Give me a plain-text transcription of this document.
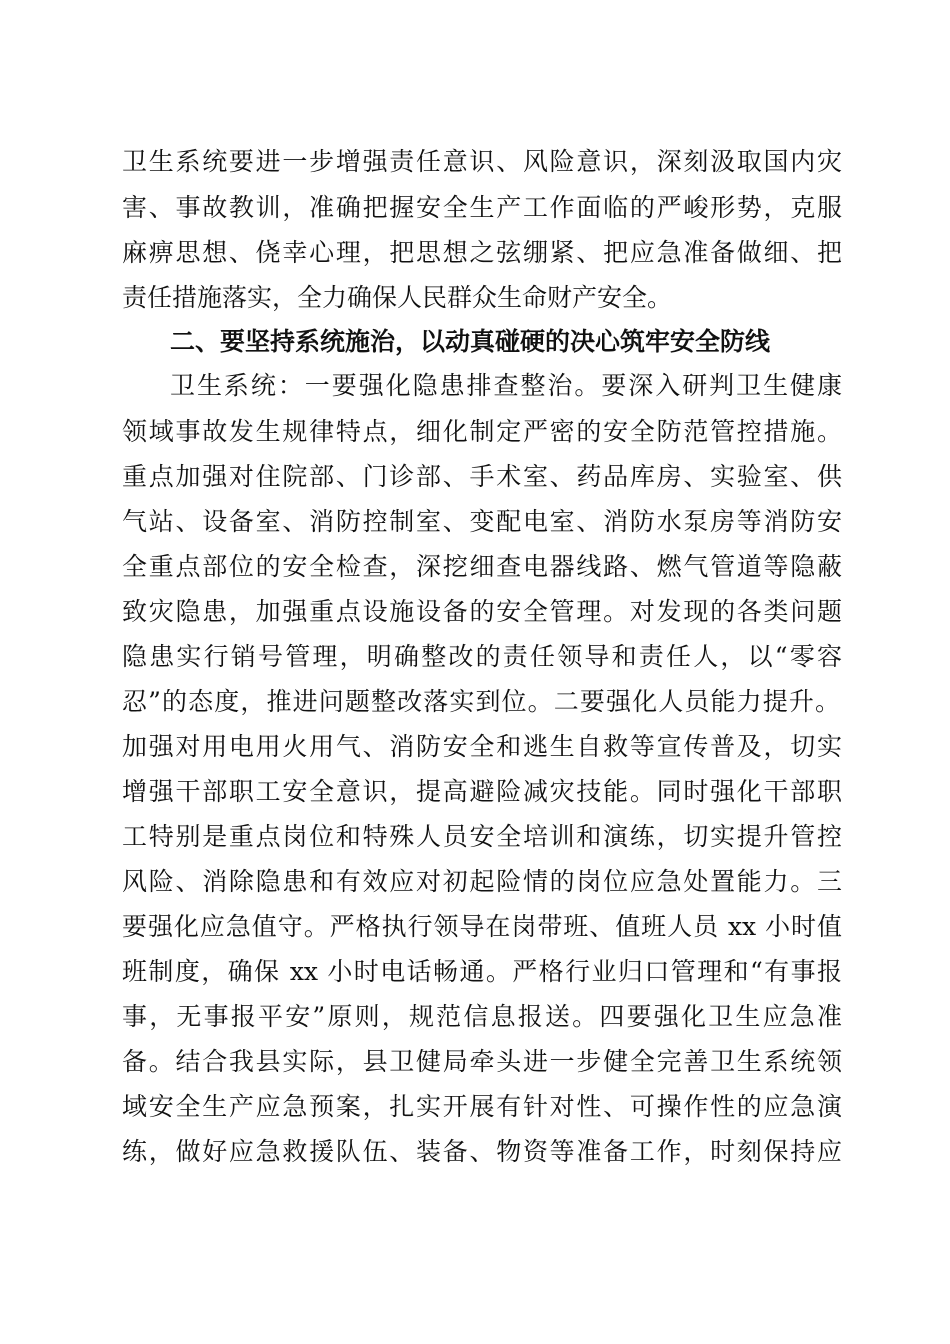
卫生系统要进一步增强责任意识、风险意识，深刻汲取国内灾
害、事故教训，准确把握安全生产工作面临的严峻形势，克服
麻痹思想、侥幸心理，把思想之弦绷紧、把应急准备做细、把
责任措施落实，全力确保人民群众生命财产安全。
二、要坚持系统施治，以动真碰硬的决心筑牢安全防线
卫生系统：一要强化隐患排查整治。要深入研判卫生健康
领域事故发生规律特点，细化制定严密的安全防范管控措施。
重点加强对住院部、门诊部、手术室、药品库房、实验室、供
气站、设备室、消防控制室、变配电室、消防水泵房等消防安
全重点部位的安全检查，深挖细查电器线路、燃气管道等隐蔽
致灾隐患，加强重点设施设备的安全管理。对发现的各类问题
隐患实行销号管理，明确整改的责任领导和责任人，以“零容
忍”的态度，推进问题整改落实到位。二要强化人员能力提升。
加强对用电用火用气、消防安全和逃生自救等宣传普及，切实
增强干部职工安全意识，提高避险减灾技能。同时强化干部职
工特别是重点岗位和特殊人员安全培训和演练，切实提升管控
风险、消除隐患和有效应对初起险情的岗位应急处置能力。三
要强化应急值守。严格执行领导在岗带班、值班人员 xx 小时值
班制度，确保 xx 小时电话畅通。严格行业归口管理和“有事报
事，无事报平安”原则，规范信息报送。四要强化卫生应急准
备。结合我县实际，县卫健局牵头进一步健全完善卫生系统领
域安全生产应急预案，扎实开展有针对性、可操作性的应急演
练，做好应急救援队伍、装备、物资等准备工作，时刻保持应
